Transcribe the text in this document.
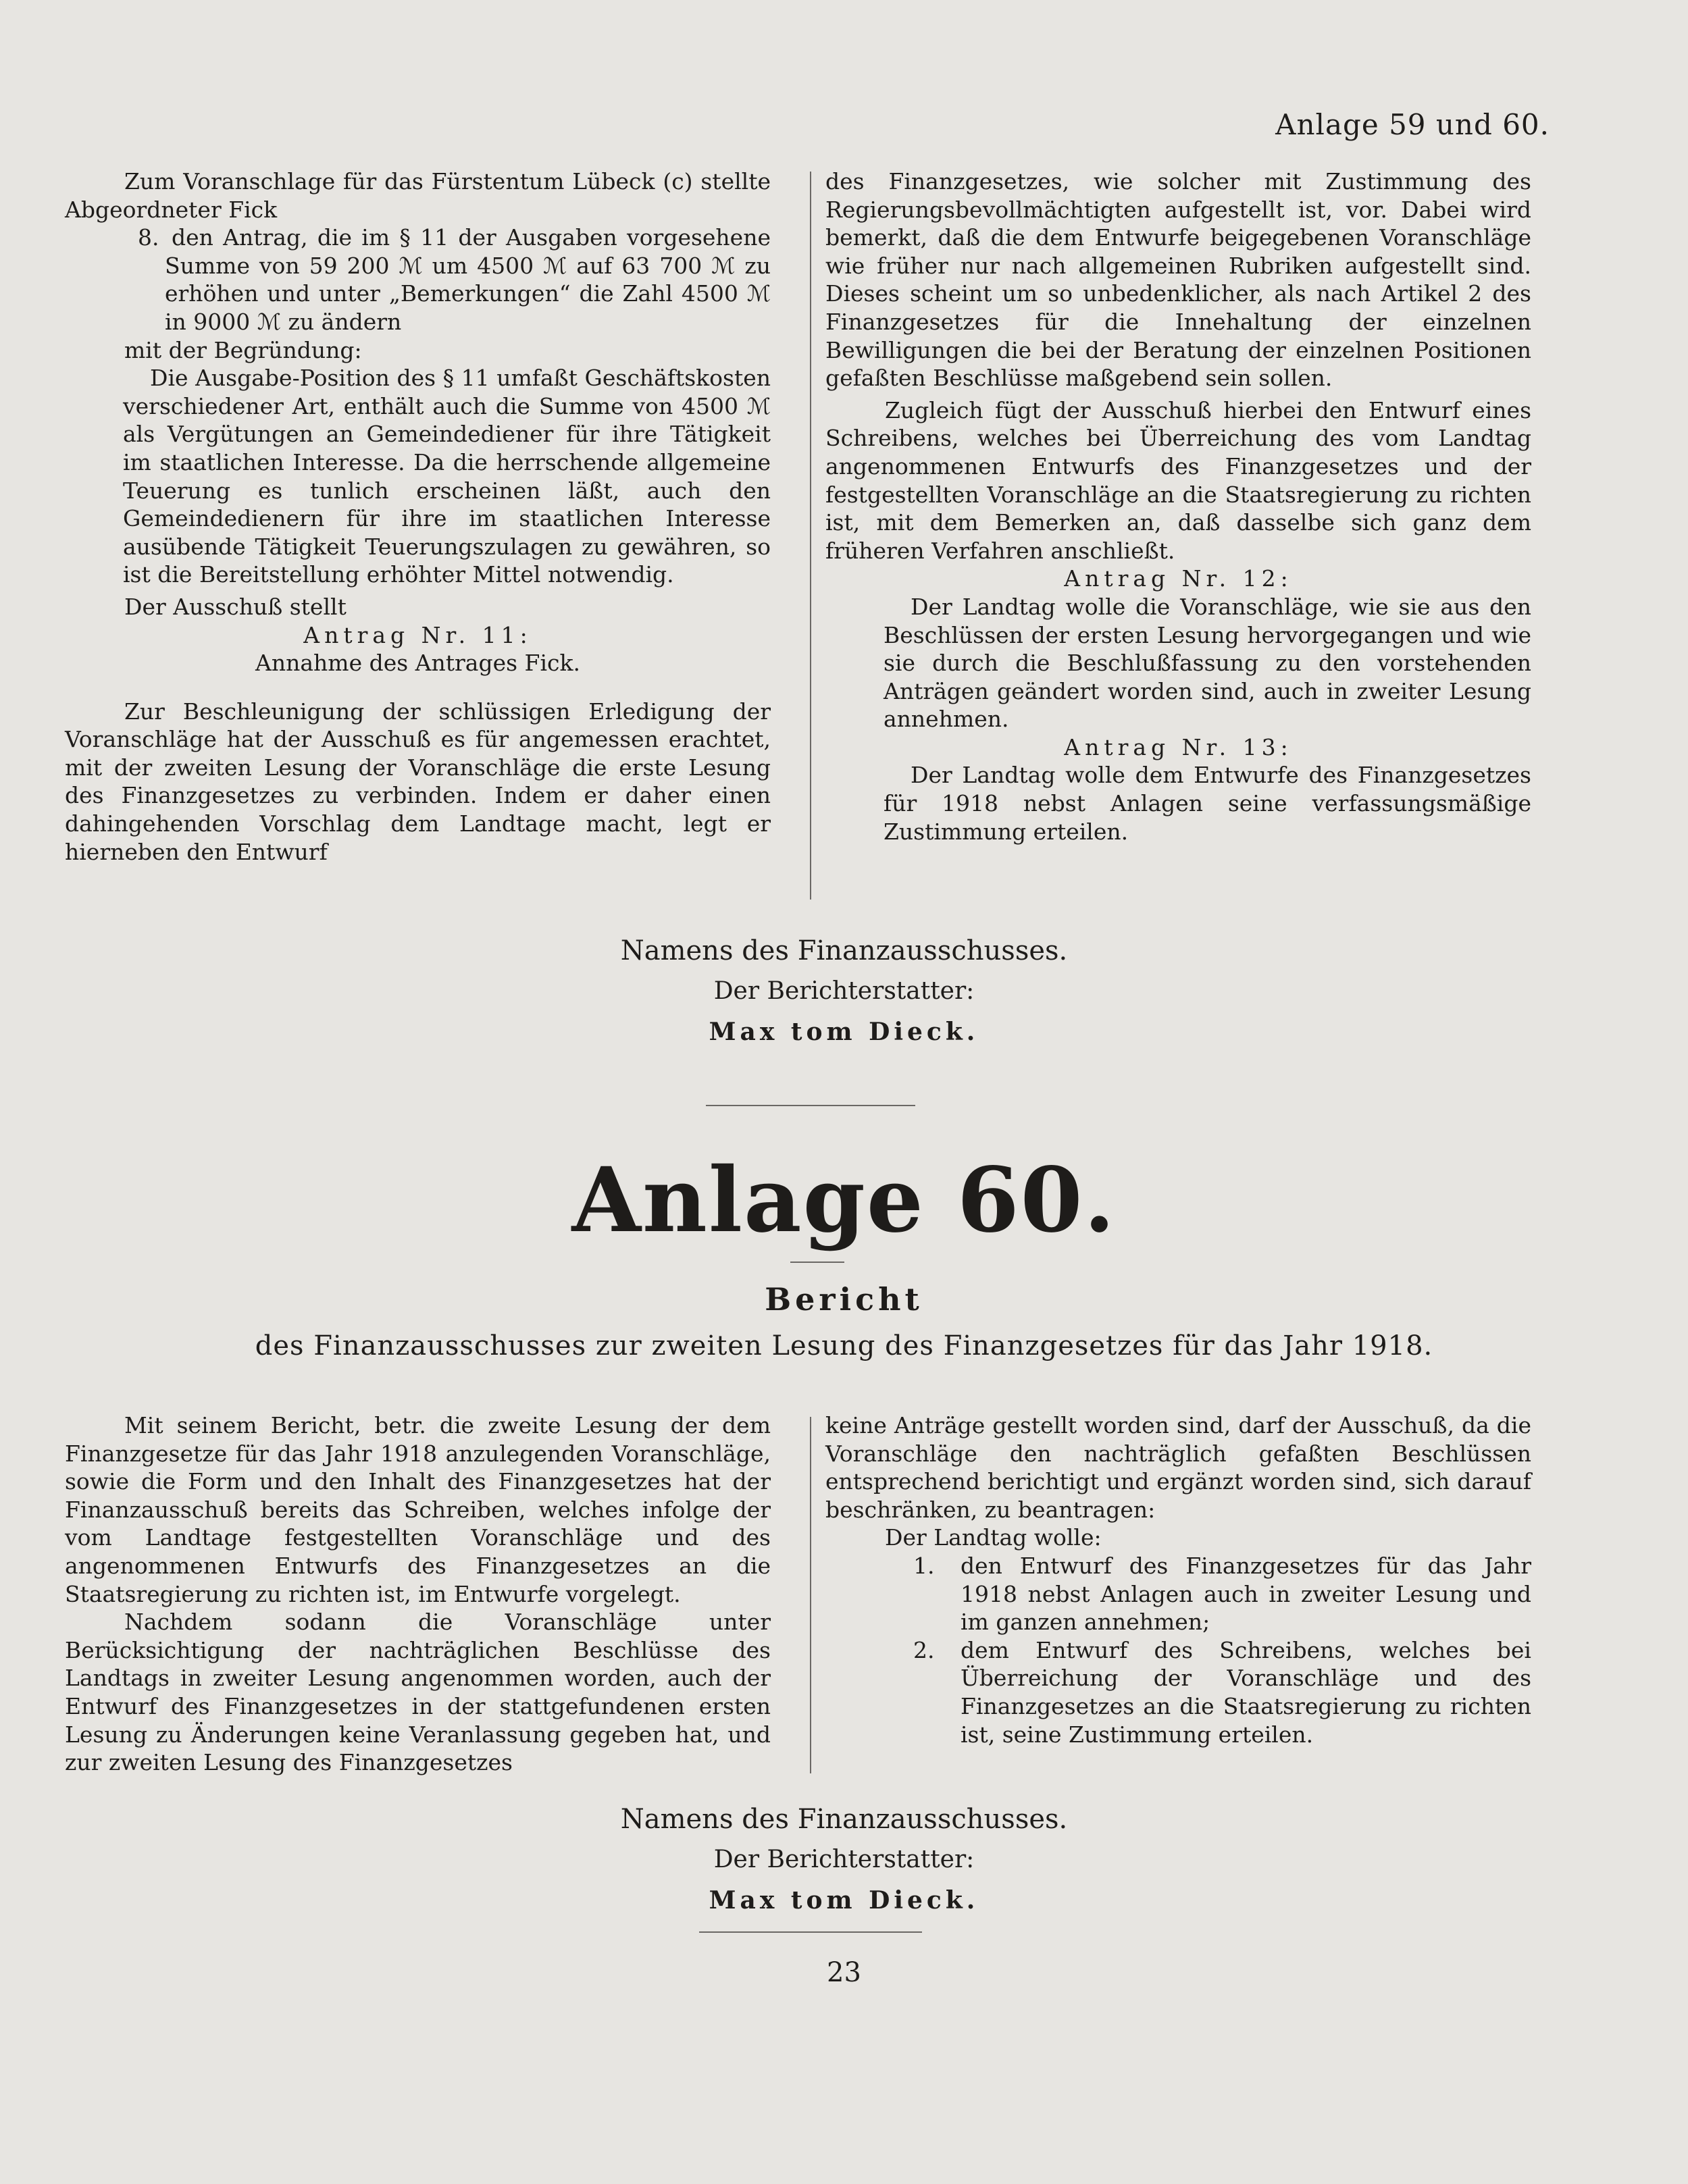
Anlage 59 und 60.

Zum Voranschlage für das Fürstentum Lübeck (c) stellte Abgeordneter Fick

8. den Antrag, die im § 11 der Ausgaben vorgesehene Summe von 59 200 ℳ um 4500 ℳ auf 63 700 ℳ zu erhöhen und unter „Bemerkungen“ die Zahl 4500 ℳ in 9000 ℳ zu ändern

mit der Begründung:

Die Ausgabe-Position des § 11 umfaßt Geschäftskosten verschiedener Art, enthält auch die Summe von 4500 ℳ als Vergütungen an Gemeindediener für ihre Tätigkeit im staatlichen Interesse. Da die herrschende allgemeine Teuerung es tunlich erscheinen läßt, auch den Gemeindedienern für ihre im staatlichen Interesse ausübende Tätigkeit Teuerungszulagen zu gewähren, so ist die Bereitstellung erhöhter Mittel notwendig.

Der Ausschuß stellt

Antrag Nr. 11:

Annahme des Antrages Fick.

Zur Beschleunigung der schlüssigen Erledigung der Voranschläge hat der Ausschuß es für angemessen erachtet, mit der zweiten Lesung der Voranschläge die erste Lesung des Finanzgesetzes zu verbinden. Indem er daher einen dahingehenden Vorschlag dem Landtage macht, legt er hierneben den Entwurf

des Finanzgesetzes, wie solcher mit Zustimmung des Regierungsbevollmächtigten aufgestellt ist, vor. Dabei wird bemerkt, daß die dem Entwurfe beigegebenen Voranschläge wie früher nur nach allgemeinen Rubriken aufgestellt sind. Dieses scheint um so unbedenklicher, als nach Artikel 2 des Finanzgesetzes für die Innehaltung der einzelnen Bewilligungen die bei der Beratung der einzelnen Positionen gefaßten Beschlüsse maßgebend sein sollen.

Zugleich fügt der Ausschuß hierbei den Entwurf eines Schreibens, welches bei Überreichung des vom Landtag angenommenen Entwurfs des Finanzgesetzes und der festgestellten Voranschläge an die Staatsregierung zu richten ist, mit dem Bemerken an, daß dasselbe sich ganz dem früheren Verfahren anschließt.

Antrag Nr. 12:

Der Landtag wolle die Voranschläge, wie sie aus den Beschlüssen der ersten Lesung hervorgegangen und wie sie durch die Beschlußfassung zu den vorstehenden Anträgen geändert worden sind, auch in zweiter Lesung annehmen.

Antrag Nr. 13:

Der Landtag wolle dem Entwurfe des Finanzgesetzes für 1918 nebst Anlagen seine verfassungsmäßige Zustimmung erteilen.

Namens des Finanzausschusses.
Der Berichterstatter:
Max tom Dieck.
Anlage 60.
Bericht
des Finanzausschusses zur zweiten Lesung des Finanzgesetzes für das Jahr 1918.

Mit seinem Bericht, betr. die zweite Lesung der dem Finanzgesetze für das Jahr 1918 anzulegenden Voranschläge, sowie die Form und den Inhalt des Finanzgesetzes hat der Finanzausschuß bereits das Schreiben, welches infolge der vom Landtage festgestellten Voranschläge und des angenommenen Entwurfs des Finanzgesetzes an die Staatsregierung zu richten ist, im Entwurfe vorgelegt.

Nachdem sodann die Voranschläge unter Berücksichtigung der nachträglichen Beschlüsse des Landtags in zweiter Lesung angenommen worden, auch der Entwurf des Finanzgesetzes in der stattgefundenen ersten Lesung zu Änderungen keine Veranlassung gegeben hat, und zur zweiten Lesung des Finanzgesetzes

keine Anträge gestellt worden sind, darf der Ausschuß, da die Voranschläge den nachträglich gefaßten Beschlüssen entsprechend berichtigt und ergänzt worden sind, sich darauf beschränken, zu beantragen:

Der Landtag wolle:

1. den Entwurf des Finanzgesetzes für das Jahr 1918 nebst Anlagen auch in zweiter Lesung und im ganzen annehmen;

2. dem Entwurf des Schreibens, welches bei Überreichung der Voranschläge und des Finanzgesetzes an die Staatsregierung zu richten ist, seine Zustimmung erteilen.

Namens des Finanzausschusses.
Der Berichterstatter:
Max tom Dieck.
23
